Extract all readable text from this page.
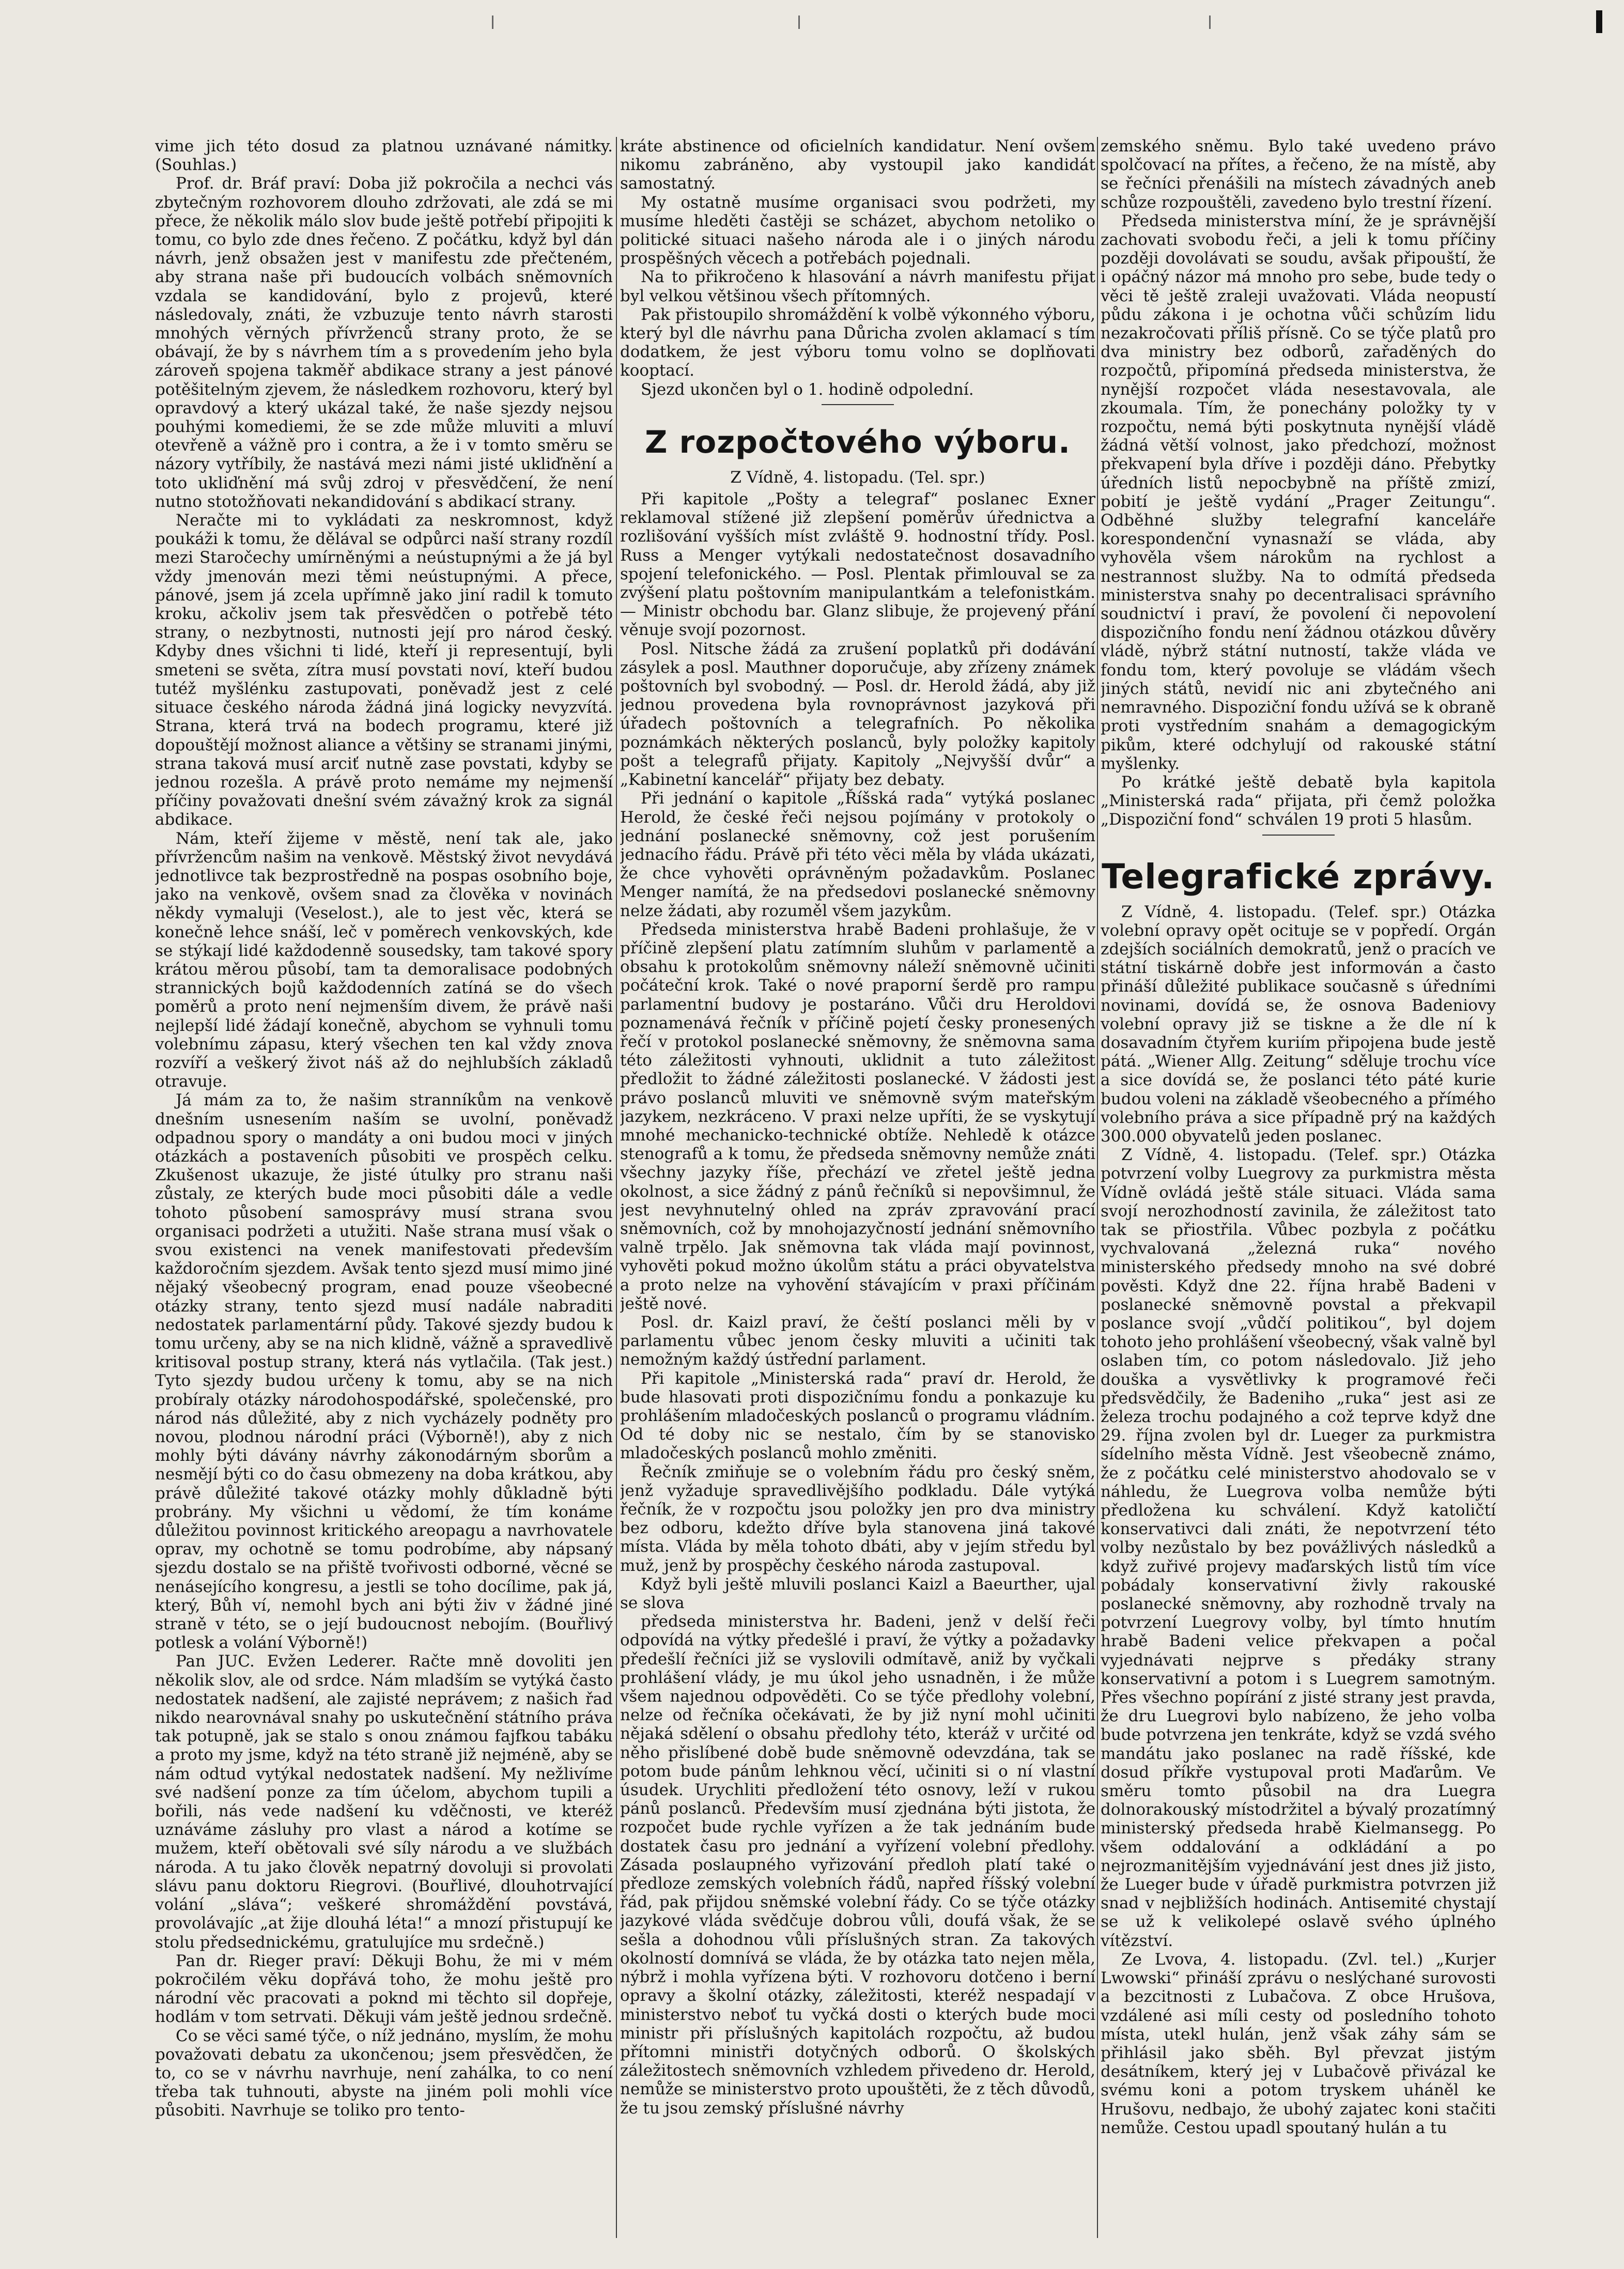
vime jich této dosud za platnou uznávané námitky. (Souhlas.)

Prof. dr. Bráf praví: Doba již pokročila a nechci vás zbytečným rozhovorem dlouho zdržovati, ale zdá se mi přece, že několik málo slov bude ještě potřebí připojiti k tomu, co bylo zde dnes řečeno. Z počátku, když byl dán návrh, jenž obsažen jest v manifestu zde přečteném, aby strana naše při budoucích volbách sněmovních vzdala se kandidování, bylo z projevů, které následovaly, znáti, že vzbuzuje tento návrh starosti mnohých věrných přívrženců strany proto, že se obávají, že by s návrhem tím a s provedením jeho byla zároveň spojena takměř abdikace strany a jest pánové potěšitelným zjevem, že následkem rozhovoru, který byl opravdový a který ukázal také, že naše sjezdy nejsou pouhými komediemi, že se zde může mluviti a mluví otevřeně a vážně pro i contra, a že i v tomto směru se názory vytříbily, že nastává mezi námi jisté ukliďnění a toto ukliďnění má svůj zdroj v přesvědčení, že není nutno stotožňovati nekandidování s abdikací strany.

Neračte mi to vykládati za neskromnost, když poukáži k tomu, že dělával se odpůrci naší strany rozdíl mezi Staročechy umírněnými a neústupnými a že já byl vždy jmenován mezi těmi neústupnými. A přece, pánové, jsem já zcela upřímně jako jiní radil k tomuto kroku, ačkoliv jsem tak přesvědčen o potřebě této strany, o nezbytnosti, nutnosti její pro národ český. Kdyby dnes všichni ti lidé, kteří ji representují, byli smeteni se světa, zítra musí povstati noví, kteří budou tutéž myšlénku zastupovati, poněvadž jest z celé situace českého národa žádná jiná logicky nevyzvítá. Strana, která trvá na bodech programu, které již dopouštějí možnost aliance a většiny se stranami jinými, strana taková musí arciť nutně zase povstati, kdyby se jednou rozešla. A právě proto nemáme my nejmenší příčiny považovati dnešní svém závažný krok za signál abdikace.

Nám, kteří žijeme v městě, není tak ale, jako přívržencům našim na venkově. Městský život nevydává jednotlivce tak bezprostředně na pospas osobního boje, jako na venkově, ovšem snad za člověka v novinách někdy vymaluji (Veselost.), ale to jest věc, která se konečně lehce snáší, leč v poměrech venkovských, kde se stýkají lidé každodenně sousedsky, tam takové spory krátou měrou působí, tam ta demoralisace podobných strannických bojů každodenních zatíná se do všech poměrů a proto není nejmenším divem, že právě naši nejlepší lidé žádají konečně, abychom se vyhnuli tomu volebnímu zápasu, který všechen ten kal vždy znova rozvíří a veškerý život náš až do nejhlubších základů otravuje.

Já mám za to, že našim stranníkům na venkově dnešním usnesením naším se uvolní, poněvadž odpadnou spory o mandáty a oni budou moci v jiných otázkách a postaveních působiti ve prospěch celku. Zkušenost ukazuje, že jisté útulky pro stranu naši zůstaly, ze kterých bude moci působiti dále a vedle tohoto působení samosprávy musí strana svou organisaci podržeti a utužiti. Naše strana musí však o svou existenci na venek manifestovati především každoročním sjezdem. Avšak tento sjezd musí mimo jiné nějaký všeobecný program, enad pouze všeobecné otázky strany, tento sjezd musí nadále nabraditi nedostatek parlamentární půdy. Takové sjezdy budou k tomu určeny, aby se na nich klidně, vážně a spravedlivě kritisoval postup strany, která nás vytlačila. (Tak jest.) Tyto sjezdy budou určeny k tomu, aby se na nich probíraly otázky národohospodářské, společenské, pro národ nás důležité, aby z nich vycházely podněty pro novou, plodnou národní práci (Výborně!), aby z nich mohly býti dávány návrhy zákonodárným sborům a nesmějí býti co do času obmezeny na doba krátkou, aby právě důležité takové otázky mohly důkladně býti probrány. My všichni u vědomí, že tím konáme důležitou povinnost kritického areopagu a navrhovatele oprav, my ochotně se tomu podrobíme, aby nápsaný sjezdu dostalo se na přiště tvořivosti odborné, věcné se nenásejícího kongresu, a jestli se toho docílime, pak já, který, Bůh ví, nemohl bych ani býti živ v žádné jiné straně v této, se o její budoucnost nebojím. (Bouřlivý potlesk a volání Výborně!)

Pan JUC. Evžen Lederer. Račte mně dovoliti jen několik slov, ale od srdce. Nám mladším se vytýká často nedostatek nadšení, ale zajisté neprávem; z našich řad nikdo nearovnával snahy po uskutečnění státního práva tak potupně, jak se stalo s onou známou fajfkou tabáku a proto my jsme, když na této straně již nejméně, aby se nám odtud vytýkal nedostatek nadšení. My nežlivíme své nadšení ponze za tím účelom, abychom tupili a bořili, nás vede nadšení ku vděčnosti, ve kteréž uznáváme zásluhy pro vlast a národ a kotíme se mužem, kteří obětovali své síly národu a ve službách národa. A tu jako člověk nepatrný dovoluji si provolati slávu panu doktoru Riegrovi. (Bouřlivé, dlouhotrvající volání „sláva“; veškeré shromáždění povstává, provolávajíc „at žije dlouhá léta!“ a mnozí přistupují ke stolu předsednickému, gratulujíce mu srdečně.)

Pan dr. Rieger praví: Děkuji Bohu, že mi v mém pokročilém věku dopřává toho, že mohu ještě pro národní věc pracovati a poknd mi těchto sil dopřeje, hodlám v tom setrvati. Děkuji vám ještě jednou srdečně.

Co se věci samé týče, o níž jednáno, myslím, že mohu považovati debatu za ukončenou; jsem přesvědčen, že to, co se v návrhu navrhuje, není zahálka, to co není třeba tak tuhnouti, abyste na jiném poli mohli více působiti. Navrhuje se tolikо pro tento-

kráte abstinence od oficielních kandidatur. Není ovšem nikomu zabráněno, aby vystoupil jako kandidát samostatný.

My ostatně musíme organisaci svou podržeti, my musíme hleděti častěji se scházet, abychom netoliko o politické situaci našeho národa ale i o jiných národu prospěšných věcech a potřebách pojednali.

Na to přikročeno k hlasování a návrh manifestu přijat byl velkou většinou všech přítomných.

Pak přistoupilo shromáždění k volbě výkonného výboru, který byl dle návrhu pana Důricha zvolen aklamací s tím dodatkem, že jest výboru tomu volno se doplňovati kooptací.

Sjezd ukončen byl o 1. hodině odpolední.

Z rozpočtového výboru.
Z Vídně, 4. listopadu. (Tel. spr.)

Při kapitole „Pošty a telegraf“ poslanec Exner reklamoval stížené již zlepšení poměrův úřednictva a rozlišování vyšších míst zvláště 9. hodnostní třídy. Posl. Russ a Menger vytýkali nedostatečnost dosavadního spojení telefonického. — Posl. Plentak přimlouval se za zvýšení platu poštovním manipulantkám a telefonistkám. — Ministr obchodu bar. Glanz slibuje, že projevený přání věnuje svojí pozornost.

Posl. Nitsche žádá za zrušení poplatků při dodávání zásylek a posl. Mauthner doporučuje, aby zřízeny známek poštovních byl svobodný. — Posl. dr. Herold žádá, aby již jednou provedena byla rovnoprávnost jazyková při úřadech poštovních a telegrafních. Po několika poznámkách některých poslanců, byly položky kapitoly pošt a telegrafů přijaty. Kapitoly „Nejvyšší dvůr“ a „Kabinetní kancelář“ přijaty bez debaty.

Při jednání o kapitole „Říšská rada“ vytýká poslanec Herold, že české řeči nejsou pojímány v protokoly o jednání poslanecké sněmovny, což jest porušením jednacího řádu. Právě při této věci měla by vláda ukázati, že chce vyhověti oprávněným požadavkům. Poslanec Menger namítá, že na předsedovi poslanecké sněmovny nelze žádati, aby rozuměl všem jazykům.

Předseda ministerstva hrabě Badeni prohlašuje, že v příčině zlepšení platu zatímním sluhům v parlamentě a obsahu k protokolům sněmovny náleží sněmovně učiniti počáteční krok. Také o nové praporní šerdě pro rampu parlamentní budovy je postaráno. Vůči dru Heroldovi poznamenává řečník v příčině pojetí česky pronesených řečí v protokol poslanecké sněmovny, že sněmovna sama této záležitosti vyhnouti, uklidnit a tuto záležitost předložit to žádné záležitosti poslanecké. V žádosti jest právo poslanců mluviti ve sněmovně svým mateřským jazykem, nezkráceno. V praxi nelze upříti, že se vyskytují mnohé mechanicko-technické obtíže. Nehledě k otázce stenografů a k tomu, že předseda sněmovny nemůže znáti všechny jazyky říše, přechází ve zřetel ještě jedna okolnost, a sice žádný z pánů řečníků si nepovšimnul, že jest nevyhnutelný ohled na zpráv zpravování prací sněmovních, což by mnohojazyčností jednání sněmovního valně trpělo. Jak sněmovna tak vláda mají povinnost, vyhověti pokud možno úkolům státu a práci obyvatelstva a proto nelze na vyhovění stávajícím v praxi příčinám ještě nové.

Posl. dr. Kaizl praví, že čeští poslanci měli by v parlamentu vůbec jenom česky mluviti a učiniti tak nemožným každý ústřední parlament.

Při kapitole „Ministerská rada“ praví dr. Herold, že bude hlasovati proti dispozičnímu fondu a ponkazuje ku prohlášením mladočeských poslanců o programu vládním. Od té doby nic se nestalo, čím by se stanovisko mladočeských poslanců mohlo změniti.

Řečník zmiňuje se o volebním řádu pro český sněm, jenž vyžaduje spravedlivějšího podkladu. Dále vytýká řečník, že v rozpočtu jsou položky jen pro dva ministry bez odboru, kdežto dříve byla stanovena jiná takové místa. Vláda by měla tohoto dbáti, aby v jejím středu byl muž, jenž by prospěchy českého národa zastupoval.

Když byli ještě mluvili poslanci Kaizl a Baeurther, ujal se slova

předseda ministerstva hr. Badeni, jenž v delší řeči odpovídá na výtky předešlé i praví, že výtky a požadavky předešlí řečníci již se vyslovili odmítavě, aniž by vyčkali prohlášení vlády, je mu úkol jeho usnadněn, i že může všem najednou odpověděti. Co se týče předlohy volební, nelze od řečníka očekávati, že by již nyní mohl učiniti nějaká sdělení o obsahu předlohy této, kteráž v určité od něho přislíbené době bude sněmovně odevzdána, tak se potom bude pánům lehknou věcí, učiniti si o ní vlastní úsudek. Urychliti předložení této osnovy, leží v rukou pánů poslanců. Především musí zjednána býti jistota, že rozpočet bude rychle vyřízen a že tak jednáním bude dostatek času pro jednání a vyřízení volební předlohy. Zásada poslaupného vyřizování předloh platí také o předloze zemských volebních řádů, napřed říšský volební řád, pak přijdou sněmské volební řády. Co se týče otázky jazykové vláda svědčuje dobrou vůli, doufá však, že se sešla a dohodnou vůli příslušných stran. Za takových okolností domnívá se vláda, že by otázka tato nejen měla, nýbrž i mohla vyřízena býti. V rozhovoru dotčeno i berní opravy a školní otázky, záležitosti, kteréž nespadají v ministerstvo neboť tu vyčká dosti o kterých bude moci ministr při příslušných kapitolách rozpočtu, až budou přítomni ministři dotyčných odborů. O školských záležitostech sněmovních vzhledem přivedeno dr. Herold, nemůže se ministerstvo proto upouštěti, že z těch důvodů, že tu jsou zemský příslušné návrhy

zemského sněmu. Bylo také uvedeno právo spolčovací na přítes, a řečeno, že na místě, aby se řečníci přenášili na místech závadných aneb schůze rozpouštěli, zavedeno bylo trestní řízení.

Předseda ministerstva míní, že je správnější zachovati svobodu řeči, a jeli k tomu příčiny později dovolávati se soudu, avšak připouští, že i opáčný názor má mnoho pro sebe, bude tedy o věci tě ještě zraleji uvažovati. Vláda neopustí půdu zákona i je ochotna vůči schůzím lidu nezakročovati příliš přísně. Co se týče platů pro dva ministry bez odborů, zařaděných do rozpočtů, připomíná předseda ministerstva, že nynější rozpočet vláda nesestavovala, ale zkoumala. Tím, že ponechány položky ty v rozpočtu, nemá býti poskytnuta nynější vládě žádná větší volnost, jako předchozí, možnost překvapení byla dříve i později dáno. Přebytky úředních listů nepocbybně na příště zmizí, pobití je ještě vydání „Prager Zeitungu“. Odběhné služby telegrafní kanceláře korespondenční vynasnaží se vláda, aby vyhověla všem nárokům na rychlost a nestrannost služby. Na to odmítá předseda ministerstva snahy po decentralisaci správního soudnictví i praví, že povolení či nepovolení dispozičního fondu není žádnou otázkou důvěry vládě, nýbrž státní nutností, takže vláda ve fondu tom, který povoluje se vládám všech jiných států, nevidí nic ani zbytečného ani nemravného. Dispoziční fondu užívá se k obraně proti vystředním snahám a demagogickým pikům, které odchylují od rakouské státní myšlenky.

Po krátké ještě debatě byla kapitola „Ministerská rada“ přijata, při čemž položka „Dispoziční fond“ schválen 19 proti 5 hlasům.

Telegrafické zprávy.

Z Vídně, 4. listopadu. (Telef. spr.) Otázka volební opravy opět ocituje se v popředí. Orgán zdejších sociálních demokratů, jenž o pracích ve státní tiskárně dobře jest informován a často přináší důležité publikace současně s úředními novinami, dovídá se, že osnova Badeniovy volební opravy již se tiskne a že dle ní k dosavadním čtyřem kuriím připojena bude jestě pátá. „Wiener Allg. Zeitung“ sděluje trochu více a sice dovídá se, že poslanci této páté kurie budou voleni na základě všeobecného a přímého volebního práva a sice případně prý na každých 300.000 obyvatelů jeden poslanec.

Z Vídně, 4. listopadu. (Telef. spr.) Otázka potvrzení volby Luegrovy za purkmistra města Vídně ovládá ještě stále situaci. Vláda sama svojí nerozhodností zavinila, že záležitost tato tak se přiostřila. Vůbec pozbyla z počátku vychvalovaná „železná ruka“ nového ministerského předsedy mnoho na své dobré pověsti. Když dne 22. října hrabě Badeni v poslanecké sněmovně povstal a překvapil poslance svojí „vůdčí politikou“, byl dojem tohoto jeho prohlášení všeobecný, však valně byl oslaben tím, co potom následovalo. Již jeho douška a vysvětlivky k programové řeči předsvědčily, že Badeniho „ruka“ jest asi ze železa trochu podajného a což teprve když dne 29. října zvolen byl dr. Lueger za purkmistra sídelního města Vídně. Jest všeobecně známo, že z počátku celé ministerstvo ahodovalo se v náhledu, že Luegrova volba nemůže býti předložena ku schválení. Když katoličtí konservativci dali znáti, že nepotvrzení této volby nezůstalo by bez povážlivých následků a když zuřivé projevy maďarských listů tím více pobádaly konservativní živly rakouské poslanecké sněmovny, aby rozhodně trvaly na potvrzení Luegrovy volby, byl tímto hnutím hrabě Badeni velice překvapen a počal vyjednávati nejprve s předáky strany konservativní a potom i s Luegrem samotným. Přes všechno popírání z jisté strany jest pravda, že dru Luegrovi bylo nabízeno, že jeho volba bude potvrzena jen tenkráte, když se vzdá svého mandátu jako poslanec na radě říšské, kde dosud příkře vystupoval proti Maďarům. Ve směru tomto působil na dra Luegra dolnorakouský místodržitel a bývalý prozatímný ministerský předseda hrabě Kielmansegg. Po všem oddalování a odkládání a po nejrozmanitějším vyjednávání jest dnes již jisto, že Lueger bude v úřadě purkmistra potvrzen již snad v nejbližších hodinách. Antisemité chystají se už k velikolepé oslavě svého úplného vítězství.

Ze Lvova, 4. listopadu. (Zvl. tel.) „Kurjer Lwowski“ přináší zprávu o neslýchané surovosti a bezcitnosti z Lubačova. Z obce Hrušova, vzdálené asi míli cesty od posledního tohoto místa, utekl hulán, jenž však záhy sám se přihlásil jako sběh. Byl převzat jistým desátníkem, který jej v Lubačově přivázal ke svému koni a potom tryskem uháněl ke Hrušovu, nedbajo, že ubohý zajatec koni stačiti nemůže. Cestou upadl spoutaný hulán a tu
